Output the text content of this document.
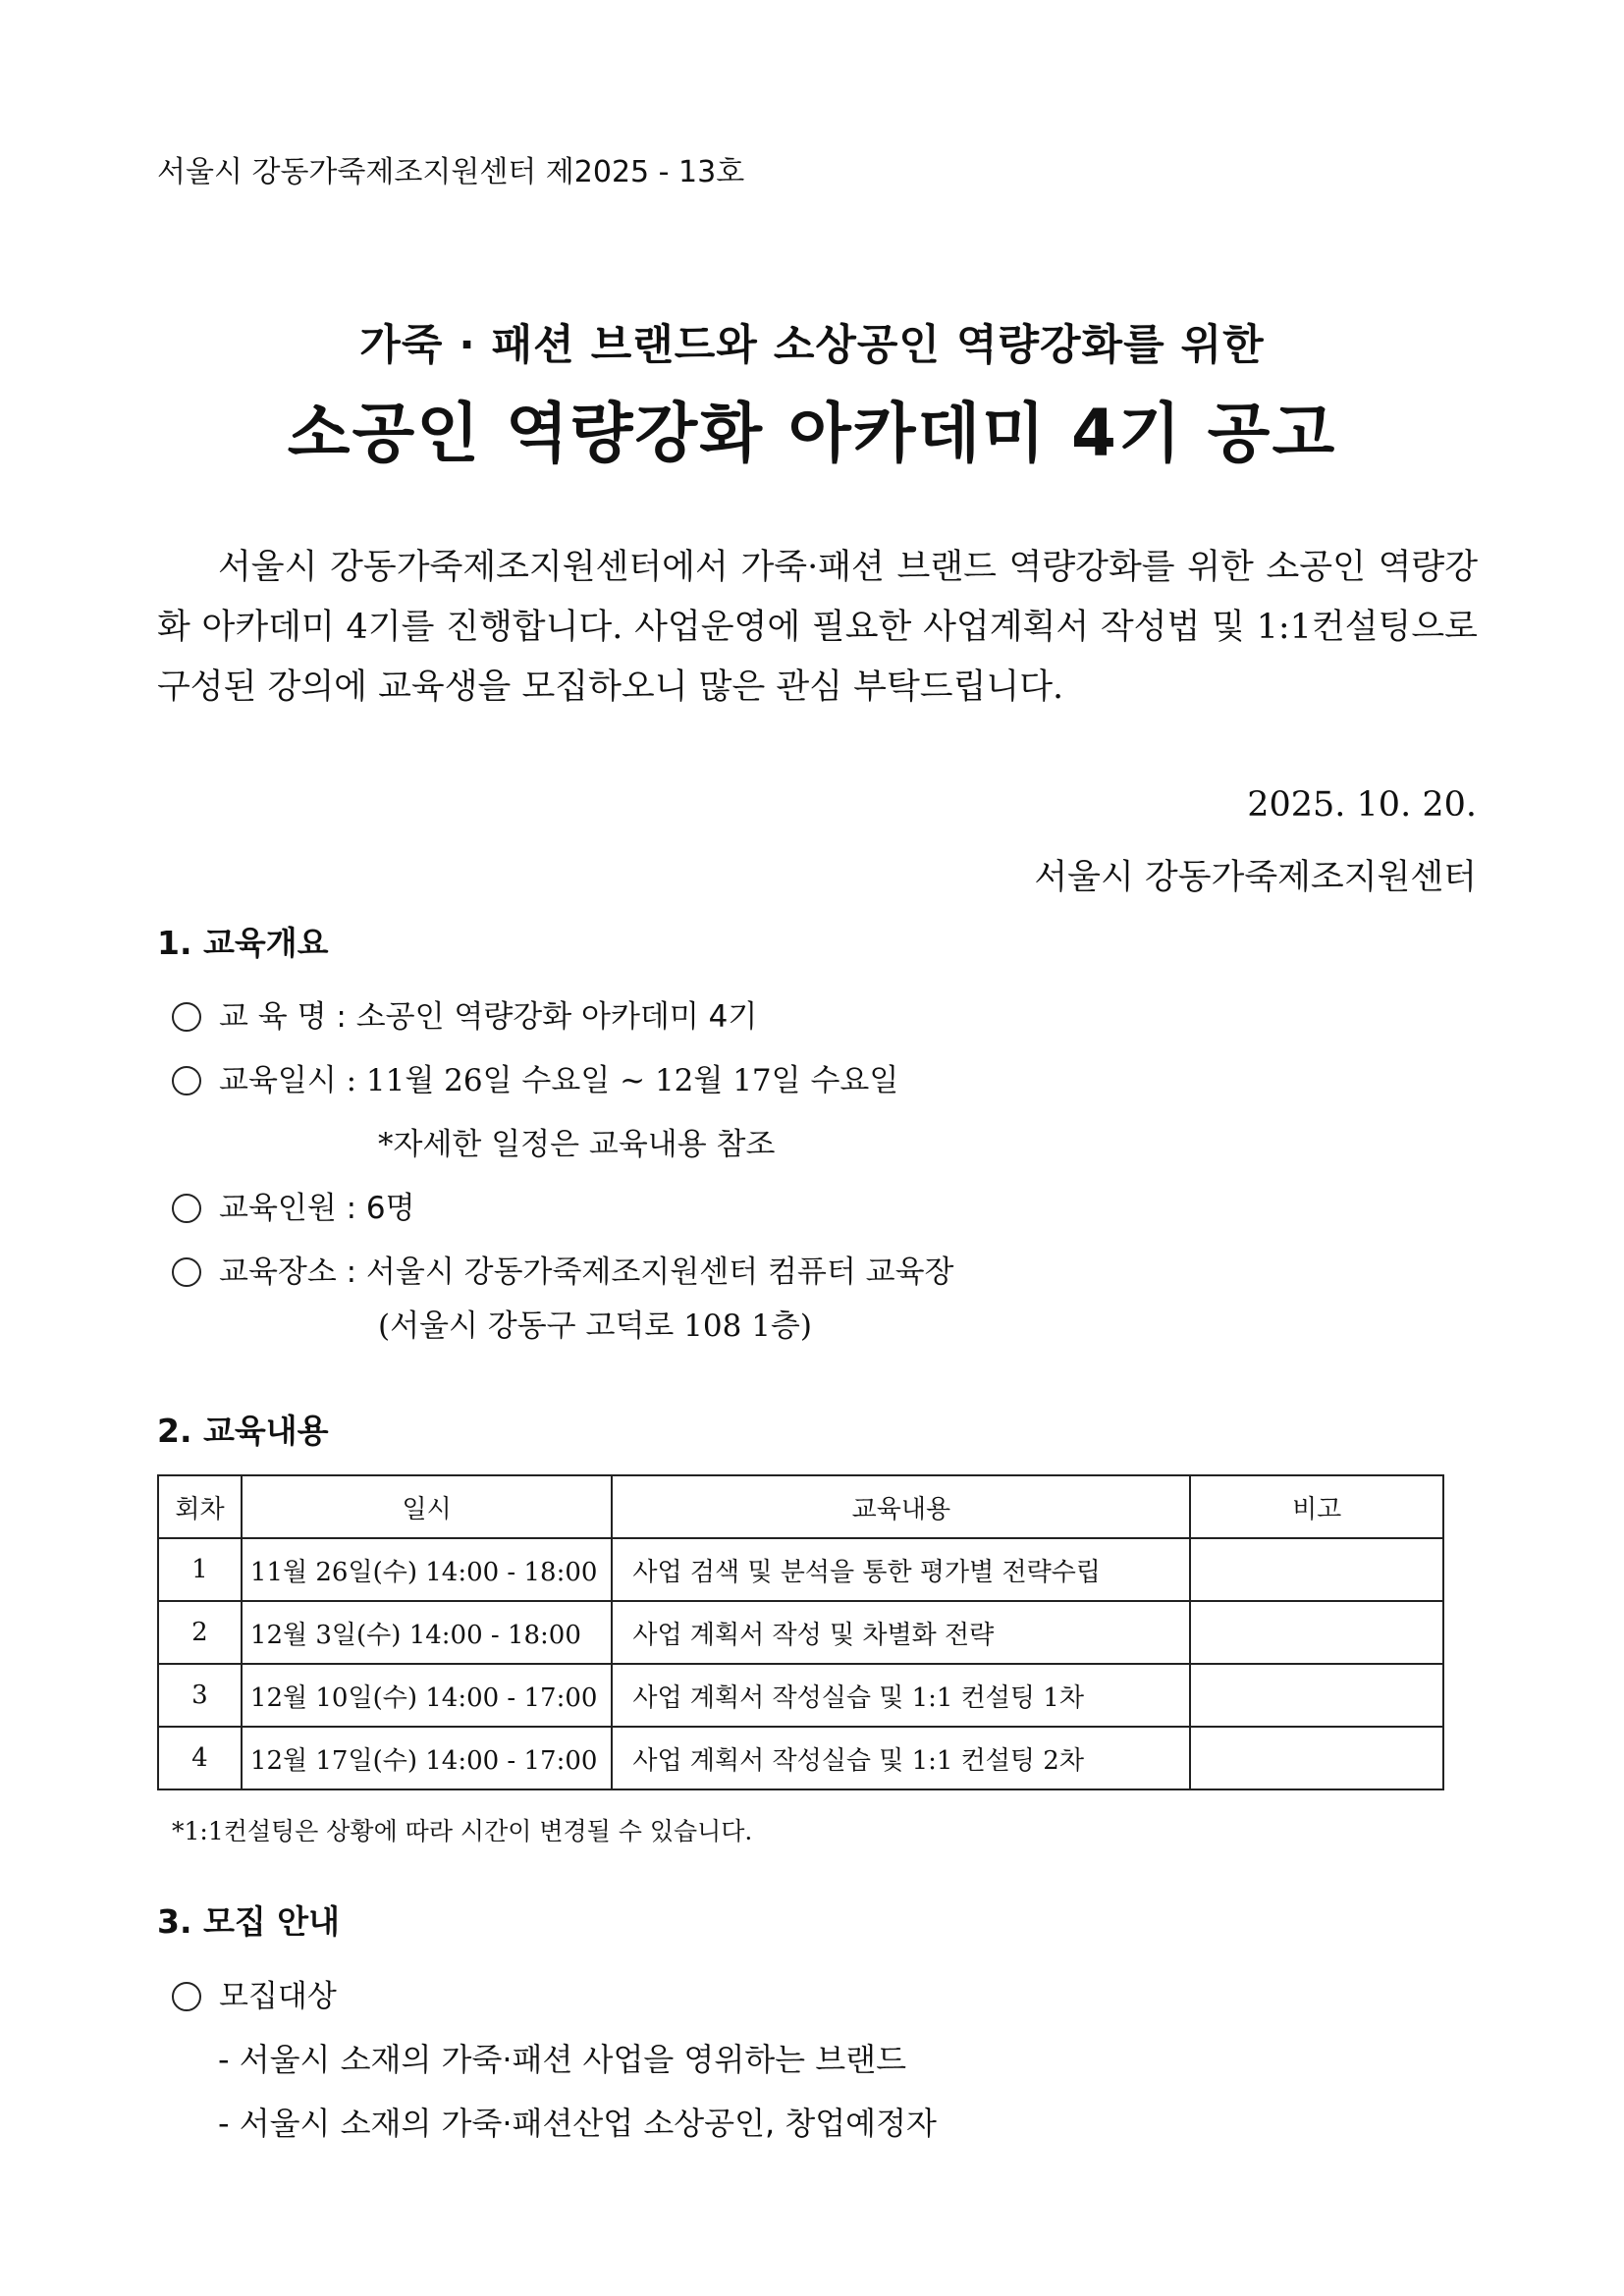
서울시 강동가죽제조지원센터 제2025 - 13호
가죽 · 패션 브랜드와 소상공인 역량강화를 위한
소공인 역량강화 아카데미 4기 공고
서울시 강동가죽제조지원센터에서 가죽·패션 브랜드 역량강화를 위한 소공인 역량강화 아카데미 4기를 진행합니다. 사업운영에 필요한 사업계획서 작성법 및 1:1컨설팅으로 구성된 강의에 교육생을 모집하오니 많은 관심 부탁드립니다.
2025. 10. 20.
서울시 강동가죽제조지원센터
1. 교육개요
교 육 명 : 소공인 역량강화 아카데미 4기
교육일시 : 11월 26일 수요일 ~ 12월 17일 수요일
*자세한 일정은 교육내용 참조
교육인원 : 6명
교육장소 : 서울시 강동가죽제조지원센터 컴퓨터 교육장
(서울시 강동구 고덕로 108 1층)
2. 교육내용
회차	일시	교육내용	비고
1	11월 26일(수) 14:00 - 18:00	사업 검색 및 분석을 통한 평가별 전략수립	
2	12월 3일(수) 14:00 - 18:00	사업 계획서 작성 및 차별화 전략	
3	12월 10일(수) 14:00 - 17:00	사업 계획서 작성실습 및 1:1 컨설팅 1차	
4	12월 17일(수) 14:00 - 17:00	사업 계획서 작성실습 및 1:1 컨설팅 2차	
*1:1컨설팅은 상황에 따라 시간이 변경될 수 있습니다.
3. 모집 안내
모집대상
- 서울시 소재의 가죽·패션 사업을 영위하는 브랜드
- 서울시 소재의 가죽·패션산업 소상공인, 창업예정자
